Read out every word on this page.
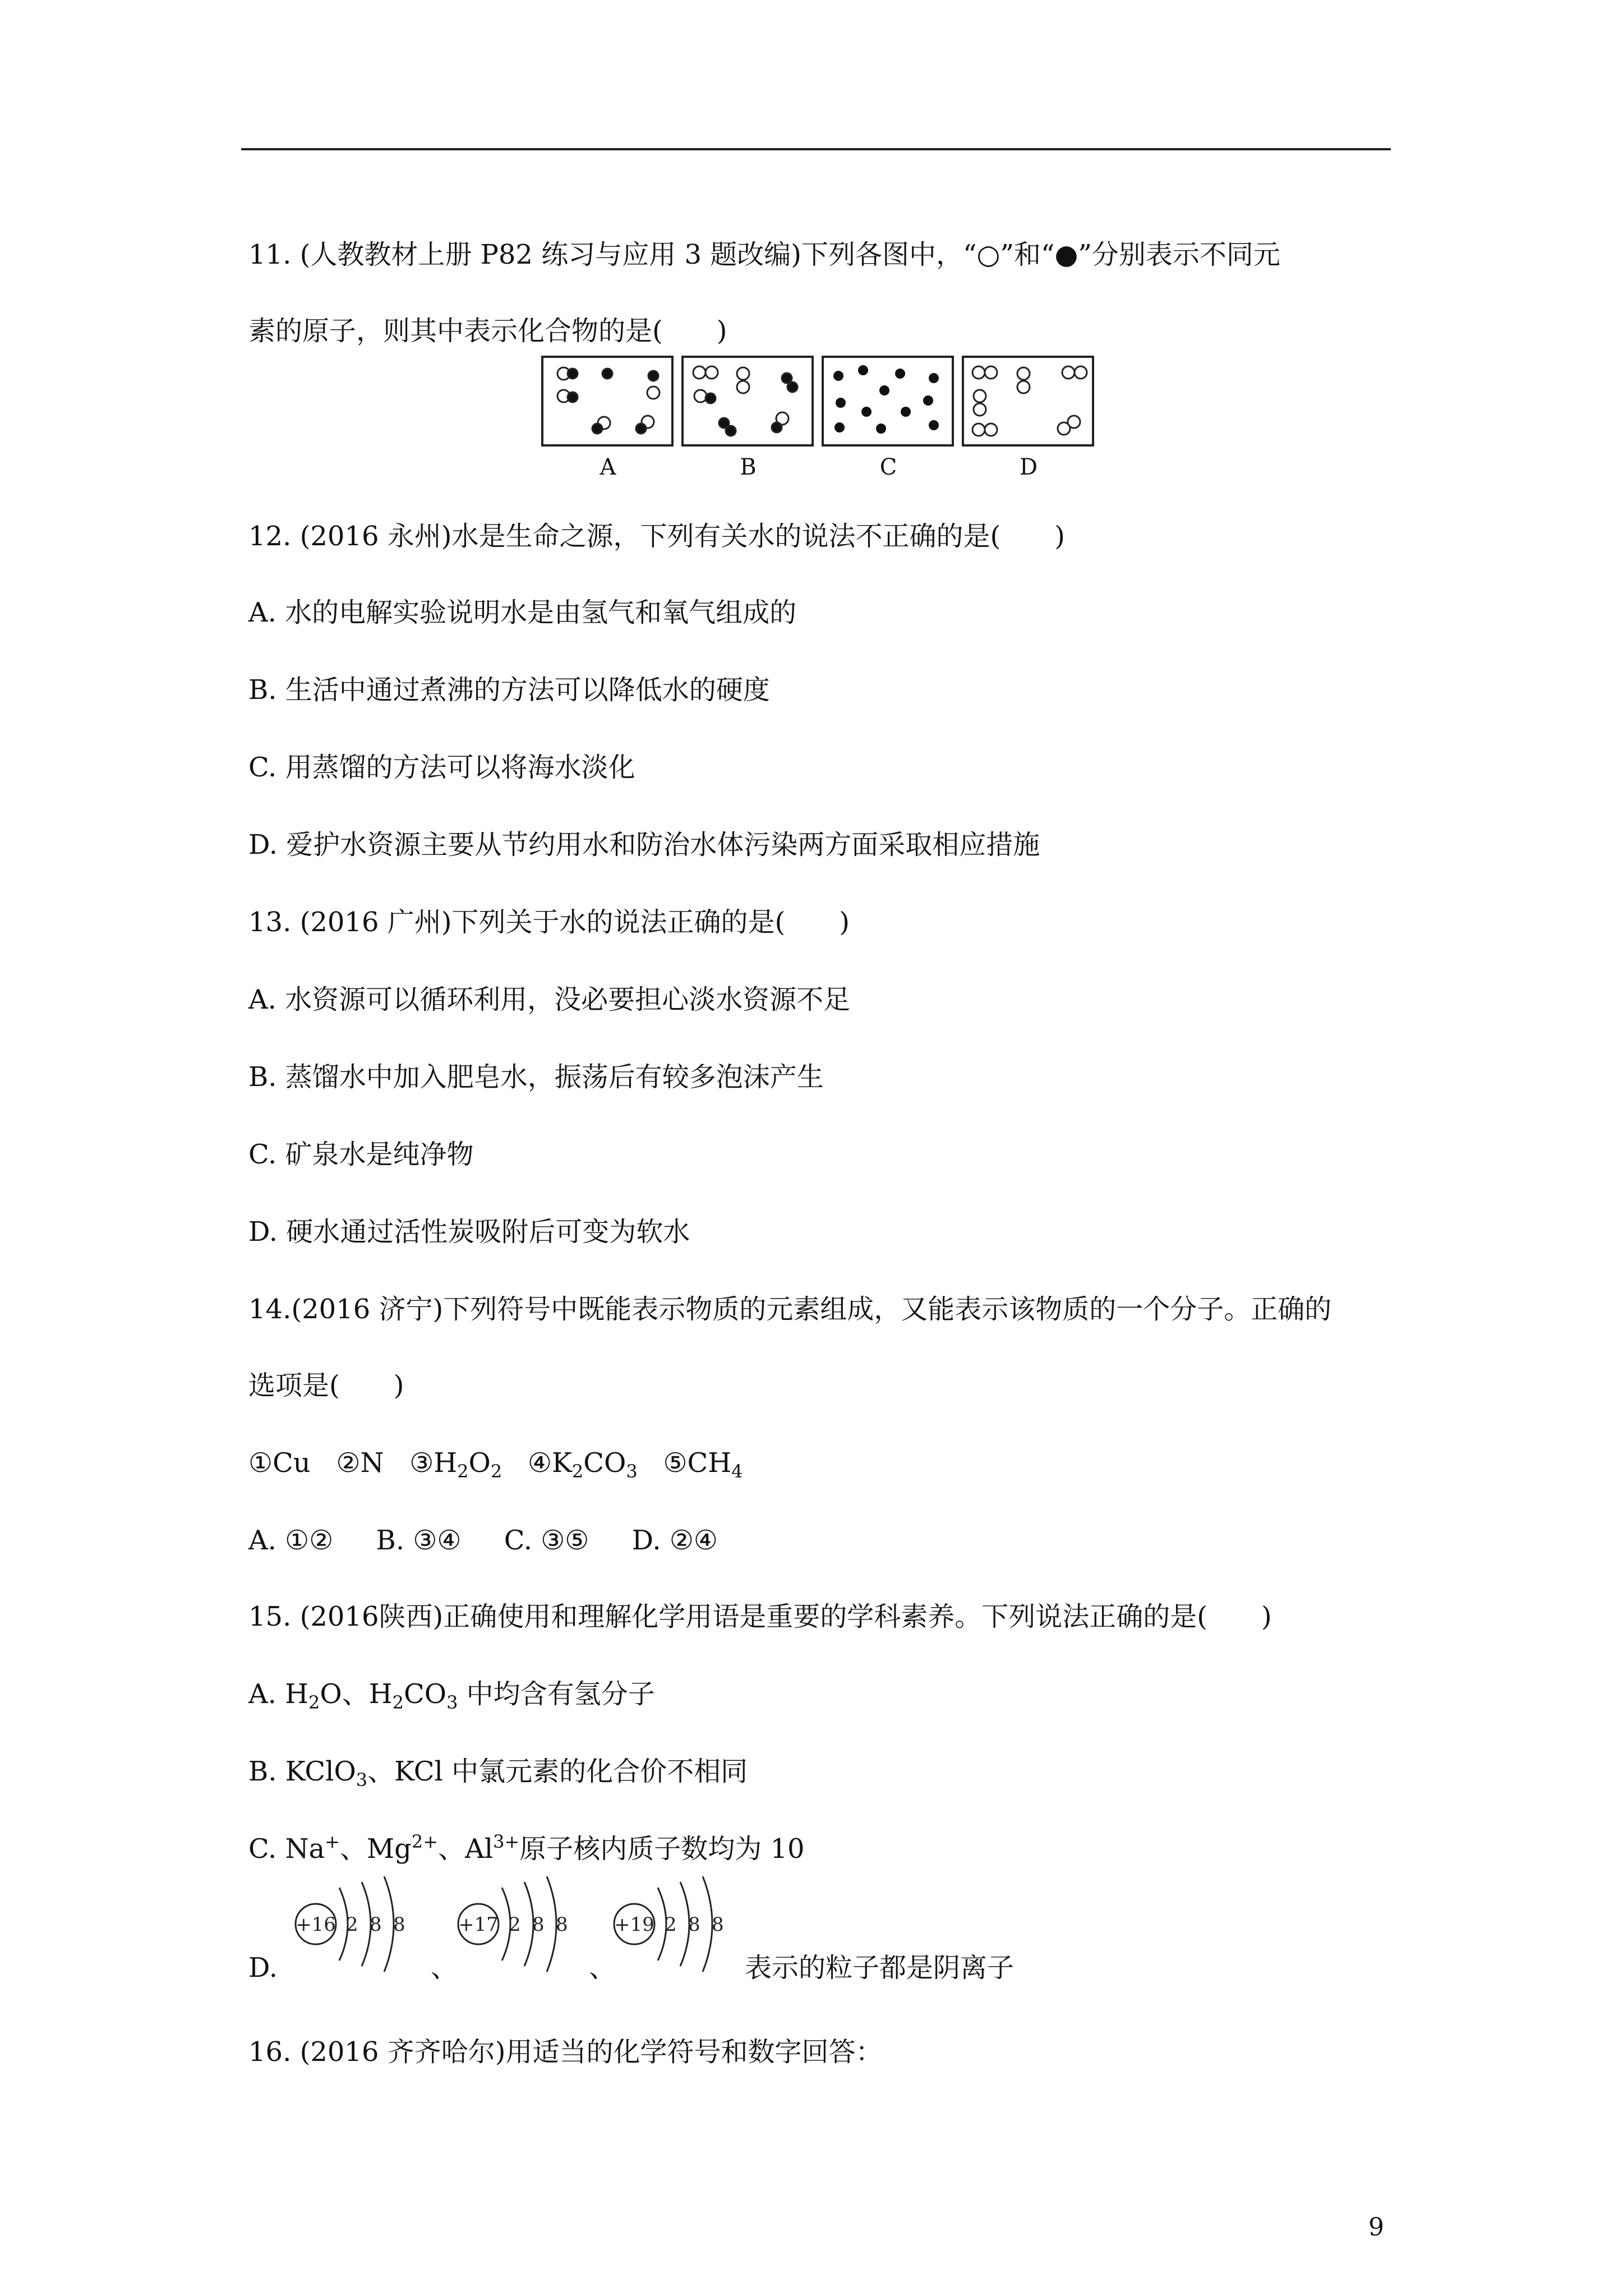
11. (人教教材上册 P82 练习与应用 3 题改编)下列各图中，“○”和“●”分别表示不同元
素的原子，则其中表示化合物的是(　　)
A	B	C	D
12. (2016 永州)水是生命之源，下列有关水的说法不正确的是(　　)
A. 水的电解实验说明水是由氢气和氧气组成的
B. 生活中通过煮沸的方法可以降低水的硬度
C. 用蒸馏的方法可以将海水淡化
D. 爱护水资源主要从节约用水和防治水体污染两方面采取相应措施
13. (2016 广州)下列关于水的说法正确的是(　　)
A. 水资源可以循环利用，没必要担心淡水资源不足
B. 蒸馏水中加入肥皂水，振荡后有较多泡沫产生
C. 矿泉水是纯净物
D. 硬水通过活性炭吸附后可变为软水
14.(2016 济宁)下列符号中既能表示物质的元素组成，又能表示该物质的一个分子。正确的
选项是(　　)
①Cu ②N $③H_2O_2$ $④K_2CO_3$ $⑤CH_4$
A. ①② B. ③④ C. ③⑤ D. ②④
15. (2016陕西)正确使用和理解化学用语是重要的学科素养。下列说法正确的是(　　)
A. $H_2O$、$H_2CO_3$ 中均含有氢分子
B. KClO$_3$、KCl 中氯元素的化合价不相同
C. Na+、$Mg^{2+}$、$Al^{3+}$原子核内质子数均为 10
+16 2 8 8	+17 2 8 8 +19 2 8 8
D.	、	、	表示的粒子都是阴离子
16. (2016 齐齐哈尔)用适当的化学符号和数字回答：
9
